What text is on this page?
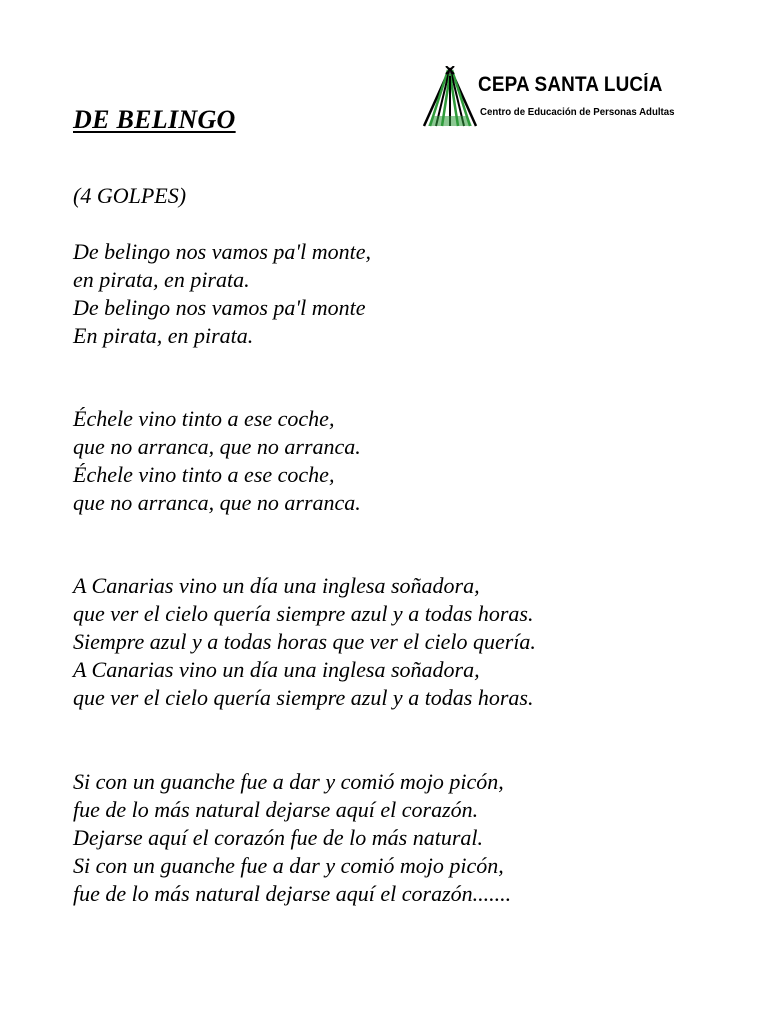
CEPA SANTA LUCÍA
Centro de Educación de Personas Adultas
DE BELINGO

(4 GOLPES)

De belingo nos vamos pa'l monte,
en pirata, en pirata.
De belingo nos vamos pa'l monte
En pirata, en pirata.

Échele vino tinto a ese coche,
que no arranca, que no arranca.
Échele vino tinto a ese coche,
que no arranca, que no arranca.

A Canarias vino un día una inglesa soñadora,
que ver el cielo quería siempre azul y a todas horas.
Siempre azul y a todas horas que ver el cielo quería.
A Canarias vino un día una inglesa soñadora,
que ver el cielo quería siempre azul y a todas horas.

Si con un guanche fue a dar y comió mojo picón,
fue de lo más natural dejarse aquí el corazón.
Dejarse aquí el corazón fue de lo más natural.
Si con un guanche fue a dar y comió mojo picón,
fue de lo más natural dejarse aquí el corazón.......
